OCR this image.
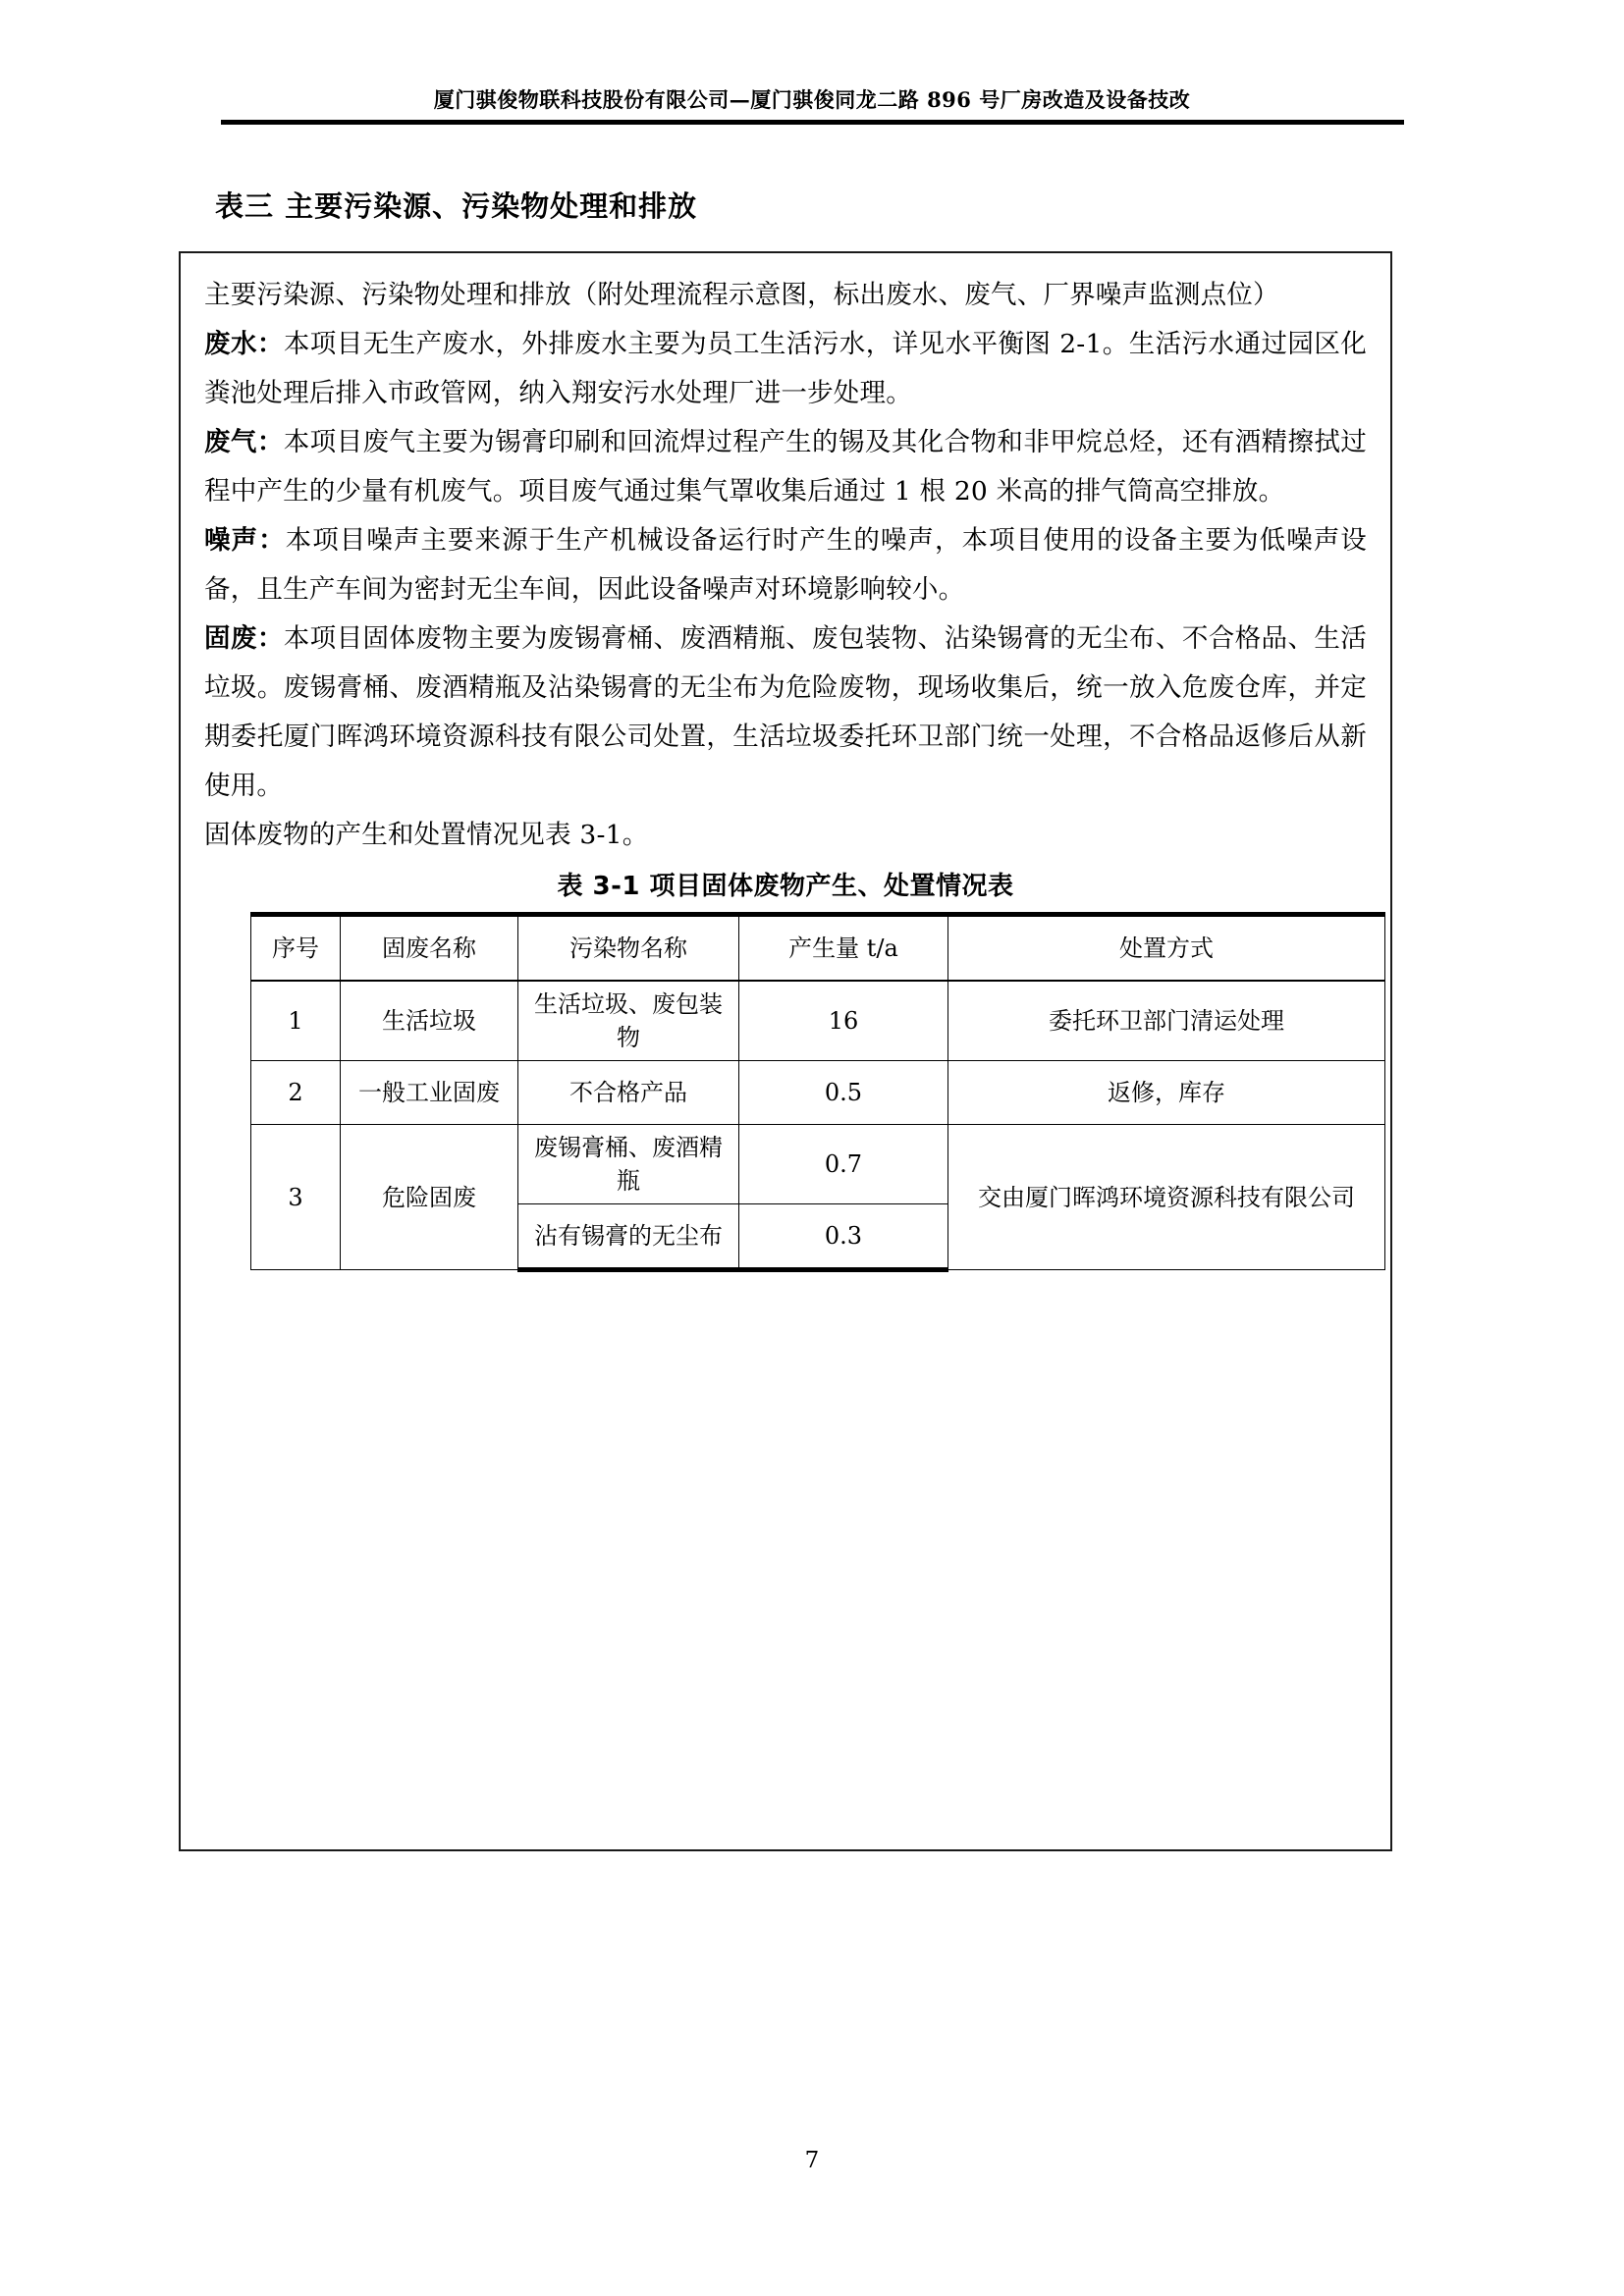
厦门骐俊物联科技股份有限公司—厦门骐俊同龙二路 896 号厂房改造及设备技改
表三 主要污染源、污染物处理和排放

主要污染源、污染物处理和排放（附处理流程示意图，标出废水、废气、厂界噪声监测点位）

废水：本项目无生产废水，外排废水主要为员工生活污水，详见水平衡图 2-1。生活污水通过园区化粪池处理后排入市政管网，纳入翔安污水处理厂进一步处理。

废气：本项目废气主要为锡膏印刷和回流焊过程产生的锡及其化合物和非甲烷总烃，还有酒精擦拭过程中产生的少量有机废气。项目废气通过集气罩收集后通过 1 根 20 米高的排气筒高空排放。

噪声：本项目噪声主要来源于生产机械设备运行时产生的噪声，本项目使用的设备主要为低噪声设备，且生产车间为密封无尘车间，因此设备噪声对环境影响较小。

固废：本项目固体废物主要为废锡膏桶、废酒精瓶、废包装物、沾染锡膏的无尘布、不合格品、生活垃圾。废锡膏桶、废酒精瓶及沾染锡膏的无尘布为危险废物，现场收集后，统一放入危废仓库，并定期委托厦门晖鸿环境资源科技有限公司处置，生活垃圾委托环卫部门统一处理，不合格品返修后从新使用。

固体废物的产生和处置情况见表 3-1。

表 3-1 项目固体废物产生、处置情况表
序号	固废名称	污染物名称	产生量 t/a	处置方式
1	生活垃圾	生活垃圾、废包装物	16	委托环卫部门清运处理
2	一般工业固废	不合格产品	0.5	返修，库存
3	危险固废	废锡膏桶、废酒精瓶	0.7	交由厦门晖鸿环境资源科技有限公司
		沾有锡膏的无尘布	0.3	
7
